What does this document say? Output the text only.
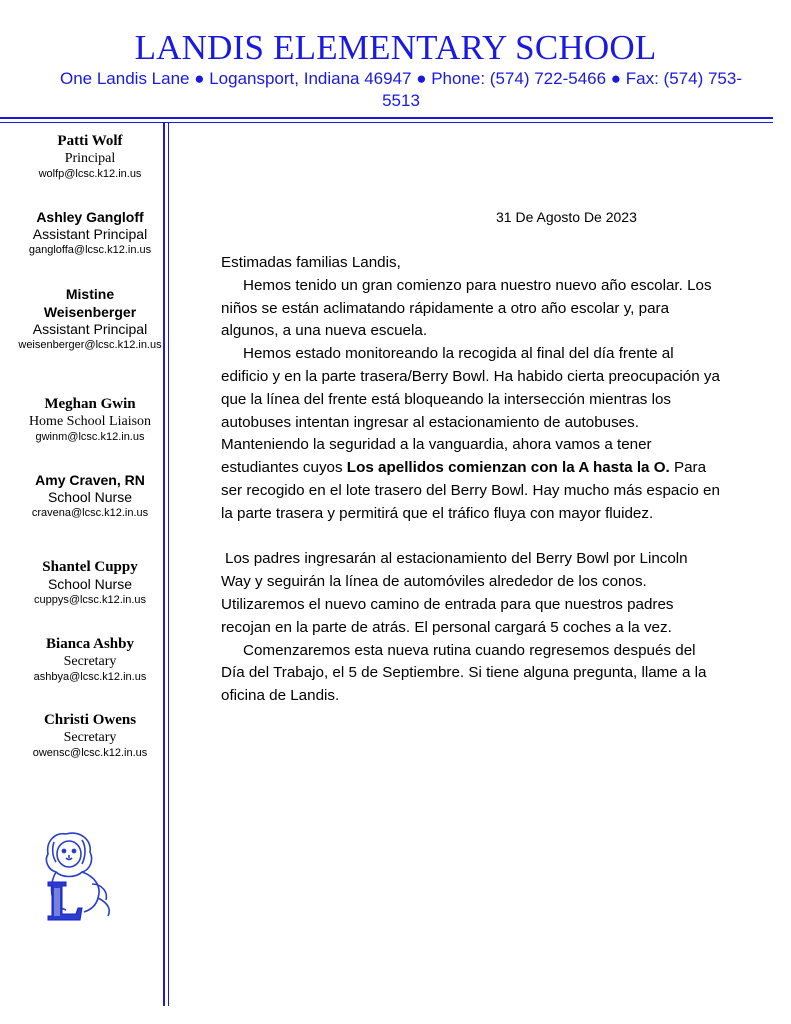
LANDIS ELEMENTARY SCHOOL
One Landis Lane ● Logansport, Indiana 46947 ● Phone: (574) 722-5466 ● Fax: (574) 753-5513
Patti Wolf
Principal
wolfp@lcsc.k12.in.us
Ashley Gangloff
Assistant Principal
gangloffa@lcsc.k12.in.us
Mistine Weisenberger
Assistant Principal
weisenberger@lcsc.k12.in.us
Meghan Gwin
Home School Liaison
gwinm@lcsc.k12.in.us
Amy Craven, RN
School Nurse
cravena@lcsc.k12.in.us
Shantel Cuppy
School Nurse
cuppys@lcsc.k12.in.us
Bianca Ashby
Secretary
ashbya@lcsc.k12.in.us
Christi Owens
Secretary
owensc@lcsc.k12.in.us
31 De Agosto De 2023

Estimadas familias Landis,

Hemos tenido un gran comienzo para nuestro nuevo año escolar. Los niños se están aclimatando rápidamente a otro año escolar y, para algunos, a una nueva escuela.

Hemos estado monitoreando la recogida al final del día frente al edificio y en la parte trasera/Berry Bowl. Ha habido cierta preocupación ya que la línea del frente está bloqueando la intersección mientras los autobuses intentan ingresar al estacionamiento de autobuses. Manteniendo la seguridad a la vanguardia, ahora vamos a tener estudiantes cuyos Los apellidos comienzan con la A hasta la O. Para ser recogido en el lote trasero del Berry Bowl. Hay mucho más espacio en la parte trasera y permitirá que el tráfico fluya con mayor fluidez.

Los padres ingresarán al estacionamiento del Berry Bowl por Lincoln Way y seguirán la línea de automóviles alrededor de los conos. Utilizaremos el nuevo camino de entrada para que nuestros padres recojan en la parte de atrás. El personal cargará 5 coches a la vez.

Comenzaremos esta nueva rutina cuando regresemos después del Día del Trabajo, el 5 de Septiembre. Si tiene alguna pregunta, llame a la oficina de Landis.
